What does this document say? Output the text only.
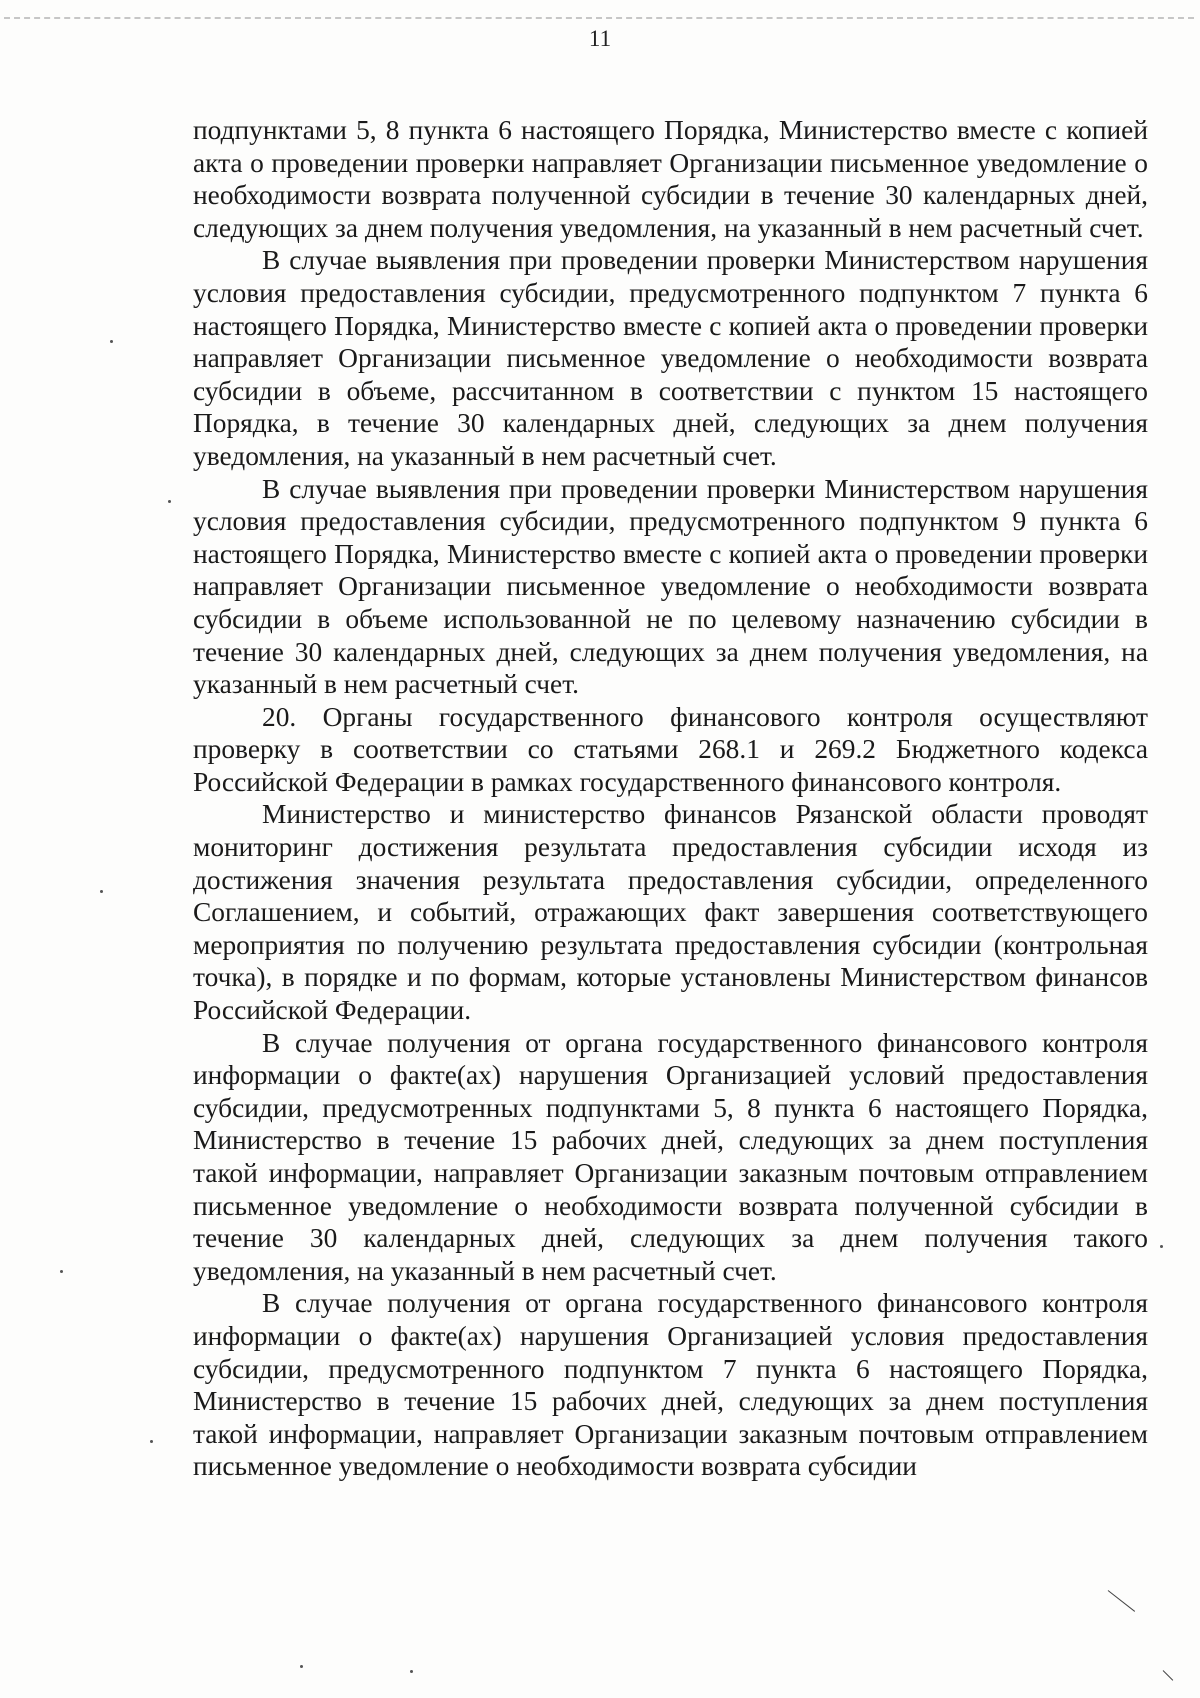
11

подпунктами 5, 8 пункта 6 настоящего Порядка, Министерство вместе с копией акта о проведении проверки направляет Организации письменное уведомление о необходимости возврата полученной субсидии в течение 30 календарных дней, следующих за днем получения уведомления, на указанный в нем расчетный счет.

В случае выявления при проведении проверки Министерством нарушения условия предоставления субсидии, предусмотренного подпунктом 7 пункта 6 настоящего Порядка, Министерство вместе с копией акта о проведении проверки направляет Организации письменное уведомление о необходимости возврата субсидии в объеме, рассчитанном в соответствии с пунктом 15 настоящего Порядка, в течение 30 календарных дней, следующих за днем получения уведомления, на указанный в нем расчетный счет.

В случае выявления при проведении проверки Министерством нарушения условия предоставления субсидии, предусмотренного подпунктом 9 пункта 6 настоящего Порядка, Министерство вместе с копией акта о проведении проверки направляет Организации письменное уведомление о необходимости возврата субсидии в объеме использованной не по целевому назначению субсидии в течение 30 календарных дней, следующих за днем получения уведомления, на указанный в нем расчетный счет.

20. Органы государственного финансового контроля осуществляют проверку в соответствии со статьями 268.1 и 269.2 Бюджетного кодекса Российской Федерации в рамках государственного финансового контроля.

Министерство и министерство финансов Рязанской области проводят мониторинг достижения результата предоставления субсидии исходя из достижения значения результата предоставления субсидии, определенного Соглашением, и событий, отражающих факт завершения соответствующего мероприятия по получению результата предоставления субсидии (контрольная точка), в порядке и по формам, которые установлены Министерством финансов Российской Федерации.

В случае получения от органа государственного финансового контроля информации о факте(ах) нарушения Организацией условий предоставления субсидии, предусмотренных подпунктами 5, 8 пункта 6 настоящего Порядка, Министерство в течение 15 рабочих дней, следующих за днем поступления такой информации, направляет Организации заказным почтовым отправлением письменное уведомление о необходимости возврата полученной субсидии в течение 30 календарных дней, следующих за днем получения такого уведомления, на указанный в нем расчетный счет.

В случае получения от органа государственного финансового контроля информации о факте(ах) нарушения Организацией условия предоставления субсидии, предусмотренного подпунктом 7 пункта 6 настоящего Порядка, Министерство в течение 15 рабочих дней, следующих за днем поступления такой информации, направляет Организации заказным почтовым отправлением письменное уведомление о необходимости возврата субсидии
